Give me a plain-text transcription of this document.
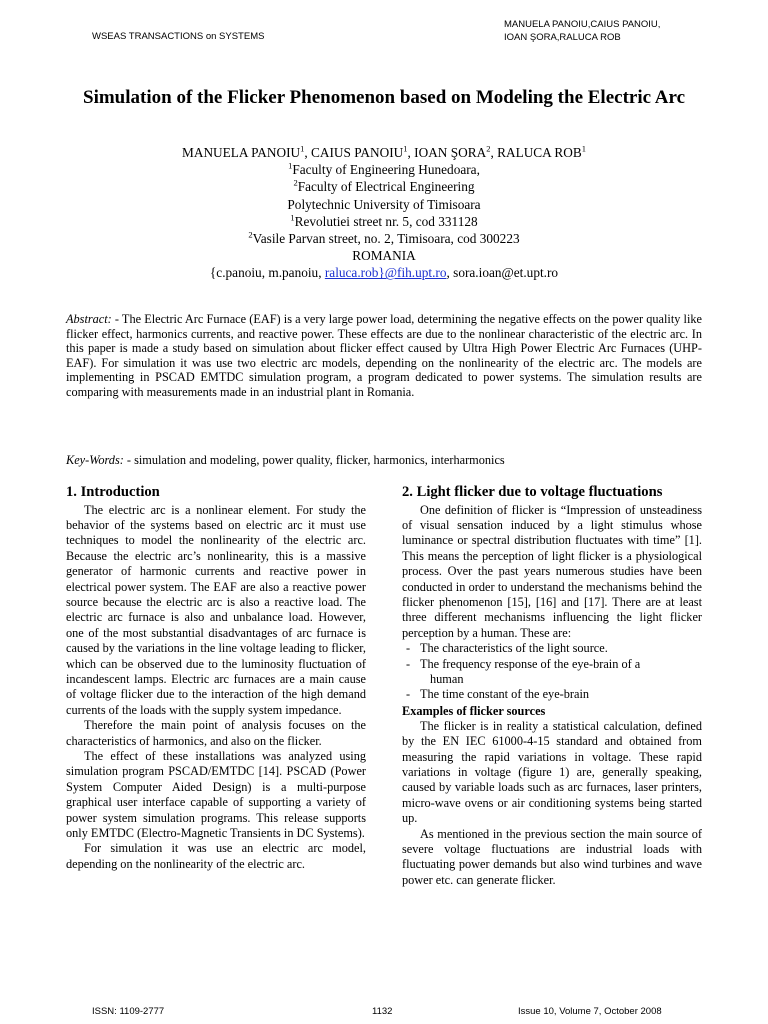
WSEAS TRANSACTIONS on SYSTEMS
MANUELA PANOIU,CAIUS PANOIU,
IOAN ŞORA,RALUCA ROB
Simulation of the Flicker Phenomenon based on Modeling the Electric Arc
MANUELA PANOIU$^1$, CAIUS PANOIU$^1$, IOAN ŞORA$^2$, RALUCA ROB$^1$
$^1$Faculty of Engineering Hunedoara,
$^2$Faculty of Electrical Engineering
Polytechnic University of Timisoara
$^1$Revolutiei street nr. 5, cod 331128
$^2$Vasile Parvan street, no. 2, Timisoara, cod 300223
ROMANIA
{c.panoiu, m.panoiu, raluca.rob}@fih.upt.ro, sora.ioan@et.upt.ro

Abstract: - The Electric Arc Furnace (EAF) is a very large power load, determining the negative effects on the power quality like flicker effect, harmonics currents, and reactive power. These effects are due to the nonlinear characteristic of the electric arc. In this paper is made a study based on simulation about flicker effect caused by Ultra High Power Electric Arc Furnaces (UHP-EAF). For simulation it was use two electric arc models, depending on the nonlinearity of the electric arc. The models are implementing in PSCAD EMTDC simulation program, a program dedicated to power systems. The simulation results are comparing with measurements made in an industrial plant in Romania.

Key-Words: - simulation and modeling, power quality, flicker, harmonics, interharmonics

1. Introduction

The electric arc is a nonlinear element. For study the behavior of the systems based on electric arc it must use techniques to model the nonlinearity of the electric arc. Because the electric arc’s nonlinearity, this is a massive generator of harmonic currents and reactive power in electrical power system. The EAF are also a reactive power source because the electric arc is also a reactive load. The electric arc furnace is also and unbalance load. However, one of the most substantial disadvantages of arc furnace is caused by the variations in the line voltage leading to flicker, which can be observed due to the luminosity fluctuation of incandescent lamps. Electric arc furnaces are a main cause of voltage flicker due to the interaction of the high demand currents of the loads with the supply system impedance.

Therefore the main point of analysis focuses on the characteristics of harmonics, and also on the flicker.

The effect of these installations was analyzed using simulation program PSCAD/EMTDC [14]. PSCAD (Power System Computer Aided Design) is a multi-purpose graphical user interface capable of supporting a variety of power system simulation programs. This release supports only EMTDC (Electro-Magnetic Transients in DC Systems).

For simulation it was use an electric arc model, depending on the nonlinearity of the electric arc.

2. Light flicker due to voltage fluctuations

One definition of flicker is “Impression of unsteadiness of visual sensation induced by a light stimulus whose luminance or spectral distribution fluctuates with time” [1]. This means the perception of light flicker is a physiological process. Over the past years numerous studies have been conducted in order to understand the mechanisms behind the flicker phenomenon [15], [16] and [17]. There are at least three different mechanisms influencing the light flicker perception by a human. These are:

- The characteristics of the light source.
- The frequency response of the eye-brain of a
human
- The time constant of the eye-brain
Examples of flicker sources

The flicker is in reality a statistical calculation, defined by the EN IEC 61000-4-15 standard and obtained from measuring the rapid variations in voltage. These rapid variations in voltage (figure 1) are, generally speaking, caused by variable loads such as arc furnaces, laser printers, micro-wave ovens or air conditioning systems being started up.

As mentioned in the previous section the main source of severe voltage fluctuations are industrial loads with fluctuating power demands but also wind turbines and wave power etc. can generate flicker.

ISSN: 1109-2777	1132	Issue 10, Volume 7, October 2008
